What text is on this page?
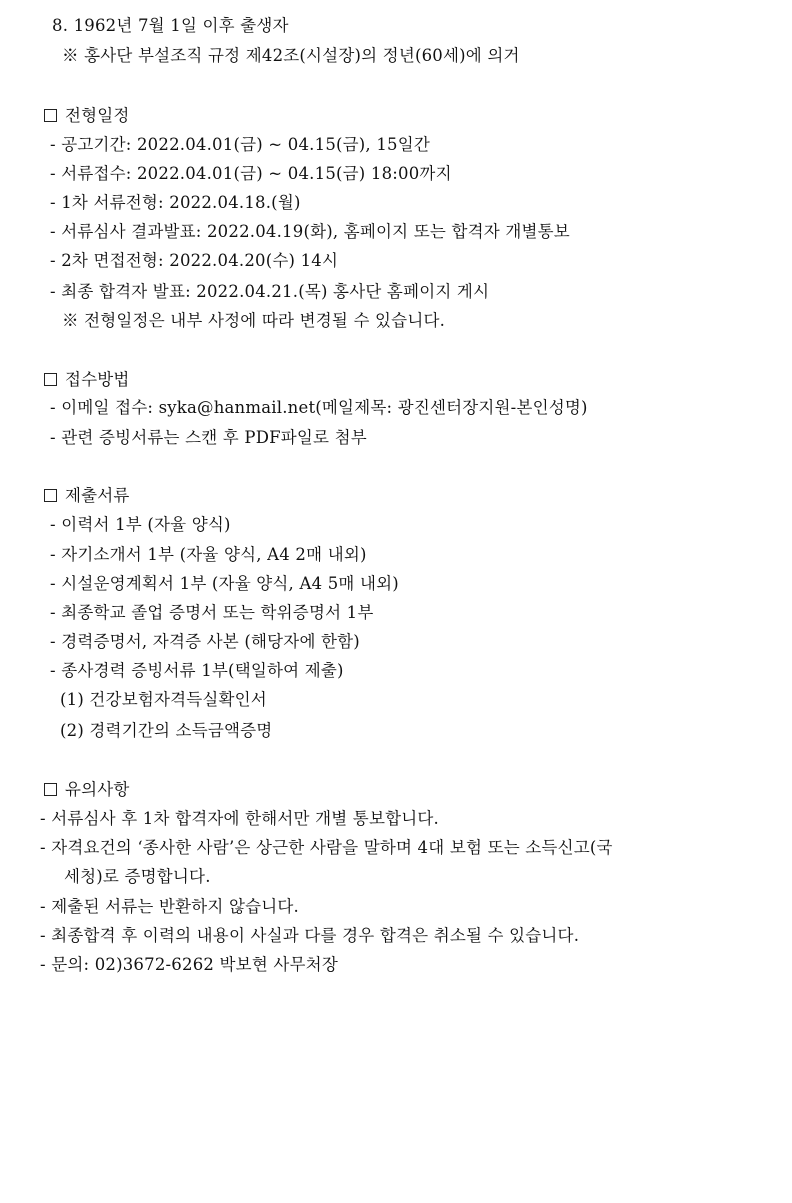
8. 1962년 7월 1일 이후 출생자
※ 홍사단 부설조직 규정 제42조(시설장)의 정년(60세)에 의거
전형일정
- 공고기간: 2022.04.01(금) ~ 04.15(금), 15일간
- 서류접수: 2022.04.01(금) ~ 04.15(금) 18:00까지
- 1차 서류전형: 2022.04.18.(월)
- 서류심사 결과발표: 2022.04.19(화), 홈페이지 또는 합격자 개별통보
- 2차 면접전형: 2022.04.20(수) 14시
- 최종 합격자 발표: 2022.04.21.(목) 홍사단 홈페이지 게시
※ 전형일정은 내부 사정에 따라 변경될 수 있습니다.
접수방법
- 이메일 접수: syka@hanmail.net(메일제목: 광진센터장지원-본인성명)
- 관련 증빙서류는 스캔 후 PDF파일로 첨부
제출서류
- 이력서 1부 (자율 양식)
- 자기소개서 1부 (자율 양식, A4 2매 내외)
- 시설운영계획서 1부 (자율 양식, A4 5매 내외)
- 최종학교 졸업 증명서 또는 학위증명서 1부
- 경력증명서, 자격증 사본 (해당자에 한함)
- 종사경력 증빙서류 1부(택일하여 제출)
(1) 건강보험자격득실확인서
(2) 경력기간의 소득금액증명
유의사항
- 서류심사 후 1차 합격자에 한해서만 개별 통보합니다.
- 자격요건의 ‘종사한 사람’은 상근한 사람을 말하며 4대 보험 또는 소득신고(국
세청)로 증명합니다.
- 제출된 서류는 반환하지 않습니다.
- 최종합격 후 이력의 내용이 사실과 다를 경우 합격은 취소될 수 있습니다.
- 문의: 02)3672-6262 박보현 사무처장
